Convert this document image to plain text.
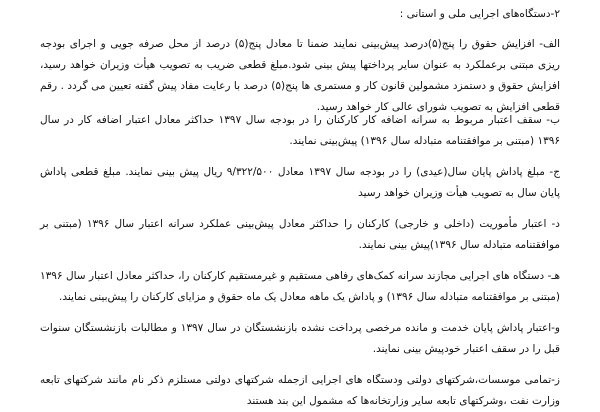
۲-دستگاه‌های اجرایی ملی و استانی :

الف- افزایش حقوق را پنج(۵)درصد پیش‌بینی نمایند ضمنا تا معادل پنج(۵) درصد از محل صرفه جویی و اجرای بودجه ریزی مبتنی برعملکرد به عنوان سایر پرداختها پیش بینی شود.مبلغ قطعی ضریب به تصویب هیأت وزیران خواهد رسید، افزایش حقوق و دستمزد مشمولین قانون کار و مستمری ها پنج(۵) درصد با رعایت مفاد پیش گفته تعیین می گردد . رقم قطعی افزایش به تصویب شورای عالی کار خواهد رسید.

ب- سقف اعتبار مربوط به سرانه اضافه کار کارکنان را در بودجه سال ۱۳۹۷ حداکثر معادل اعتبار اضافه کار در سال ۱۳۹۶ (مبتنی بر موافقتنامه متبادله سال ۱۳۹۶) پیش‌بینی نمایند.

ج- مبلغ پاداش پایان سال(عیدی) را در بودجه سال ۱۳۹۷ معادل ۹/۳۲۲/۵۰۰ ریال پیش بینی نمایند. مبلغ قطعی پاداش پایان سال به تصویب هیأت وزیران خواهد رسید

د- اعتبار مأموریت (داخلی و خارجی) کارکنان را حداکثر معادل پیش‌بینی عملکرد سرانه اعتبار سال ۱۳۹۶ (مبتنی بر موافقتنامه متبادله سال ۱۳۹۶)پیش بینی نمایند.

هـ- دستگاه های اجرایی مجازند سرانه کمک‌های رفاهی مستقیم و غیرمستقیم کارکنان را، حداکثر معادل اعتبار سال ۱۳۹۶ (مبتنی بر موافقتنامه متبادله سال ۱۳۹۶) و پاداش یک ماهه معادل یک ماه حقوق و مزایای کارکنان را پیش‌بینی نمایند.

و-اعتبار پاداش پایان خدمت و مانده مرخصی پرداخت نشده بازنشستگان در سال ۱۳۹۷ و مطالبات بازنشستگان سنوات قبل را در سقف اعتبار خودپیش بینی نمایند.

ز-تمامی موسسات،شرکتهای دولتی ودستگاه های اجرایی ازجمله شرکتهای دولتی مستلزم ذکر نام مانند شرکتهای تابعه وزارت نفت ،وشرکتهای تابعه سایر وزارتخانه‌ها که مشمول این بند هستند
